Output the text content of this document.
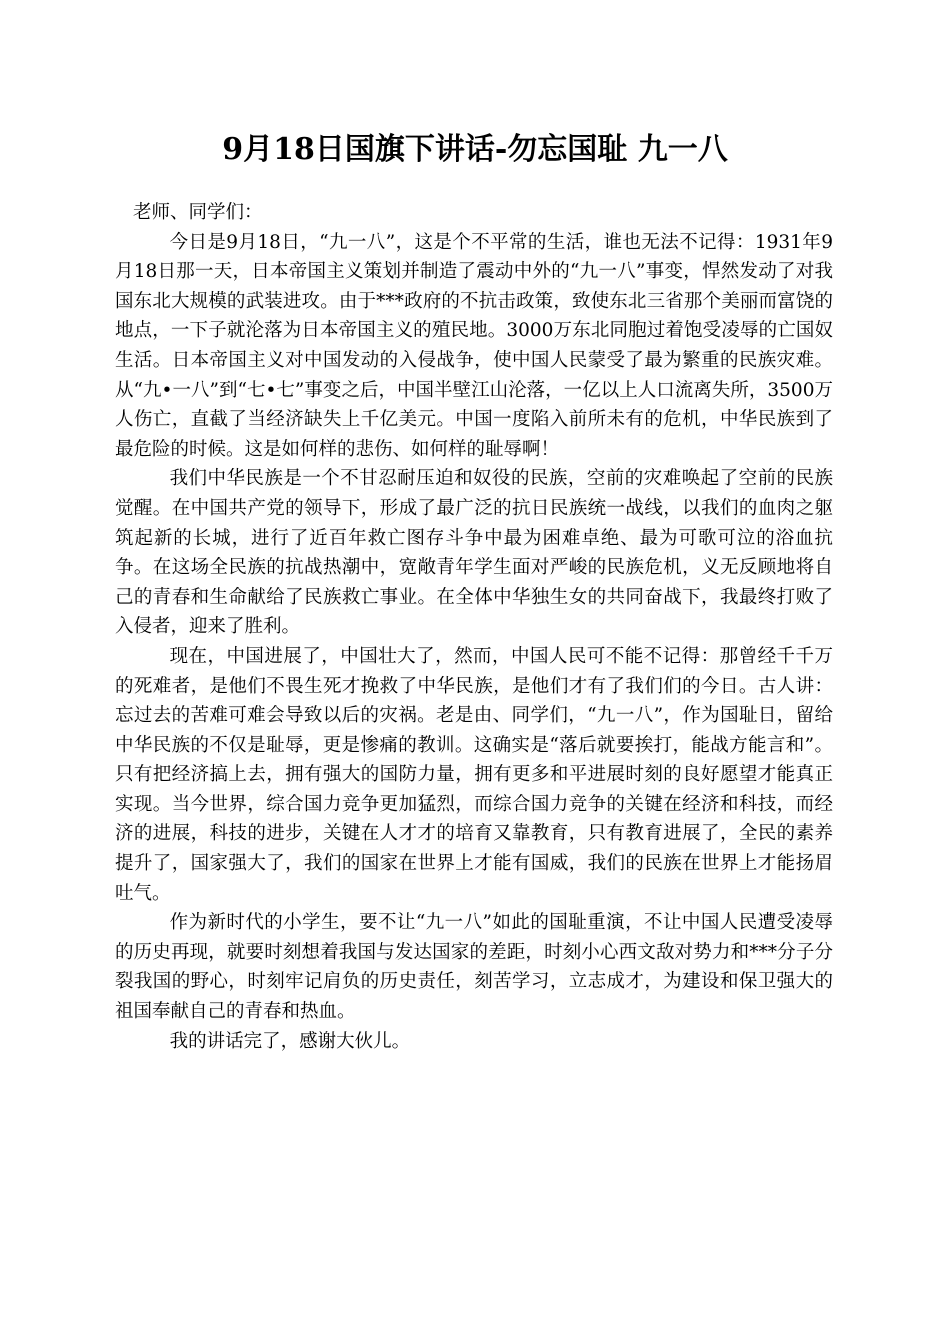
9月18日国旗下讲话-勿忘国耻 九一八

老师、同学们：

今日是9月18日，“九一八”，这是个不平常的生活，谁也无法不记得：1931年9月18日那一天，日本帝国主义策划并制造了震动中外的“九一八”事变，悍然发动了对我国东北大规模的武装进攻。由于***政府的不抗击政策，致使东北三省那个美丽而富饶的地点，一下子就沦落为日本帝国主义的殖民地。3000万东北同胞过着饱受凌辱的亡国奴生活。日本帝国主义对中国发动的入侵战争，使中国人民蒙受了最为繁重的民族灾难。从“九•一八”到“七•七”事变之后，中国半壁江山沦落，一亿以上人口流离失所，3500万人伤亡，直截了当经济缺失上千亿美元。中国一度陷入前所未有的危机，中华民族到了最危险的时候。这是如何样的悲伤、如何样的耻辱啊！

我们中华民族是一个不甘忍耐压迫和奴役的民族，空前的灾难唤起了空前的民族觉醒。在中国共产党的领导下，形成了最广泛的抗日民族统一战线，以我们的血肉之躯筑起新的长城，进行了近百年救亡图存斗争中最为困难卓绝、最为可歌可泣的浴血抗争。在这场全民族的抗战热潮中，宽敞青年学生面对严峻的民族危机，义无反顾地将自己的青春和生命献给了民族救亡事业。在全体中华独生女的共同奋战下，我最终打败了入侵者，迎来了胜利。

现在，中国进展了，中国壮大了，然而，中国人民可不能不记得：那曾经千千万的死难者，是他们不畏生死才挽救了中华民族，是他们才有了我们们的今日。古人讲：忘过去的苦难可难会导致以后的灾祸。老是由、同学们，“九一八”，作为国耻日，留给中华民族的不仅是耻辱，更是惨痛的教训。这确实是“落后就要挨打，能战方能言和”。只有把经济搞上去，拥有强大的国防力量，拥有更多和平进展时刻的良好愿望才能真正实现。当今世界，综合国力竞争更加猛烈，而综合国力竞争的关键在经济和科技，而经济的进展，科技的进步，关键在人才才的培育又靠教育，只有教育进展了，全民的素养提升了，国家强大了，我们的国家在世界上才能有国威，我们的民族在世界上才能扬眉吐气。

作为新时代的小学生，要不让“九一八”如此的国耻重演，不让中国人民遭受凌辱的历史再现，就要时刻想着我国与发达国家的差距，时刻小心西文敌对势力和***分子分裂我国的野心，时刻牢记肩负的历史责任，刻苦学习，立志成才，为建设和保卫强大的祖国奉献自己的青春和热血。

我的讲话完了，感谢大伙儿。
